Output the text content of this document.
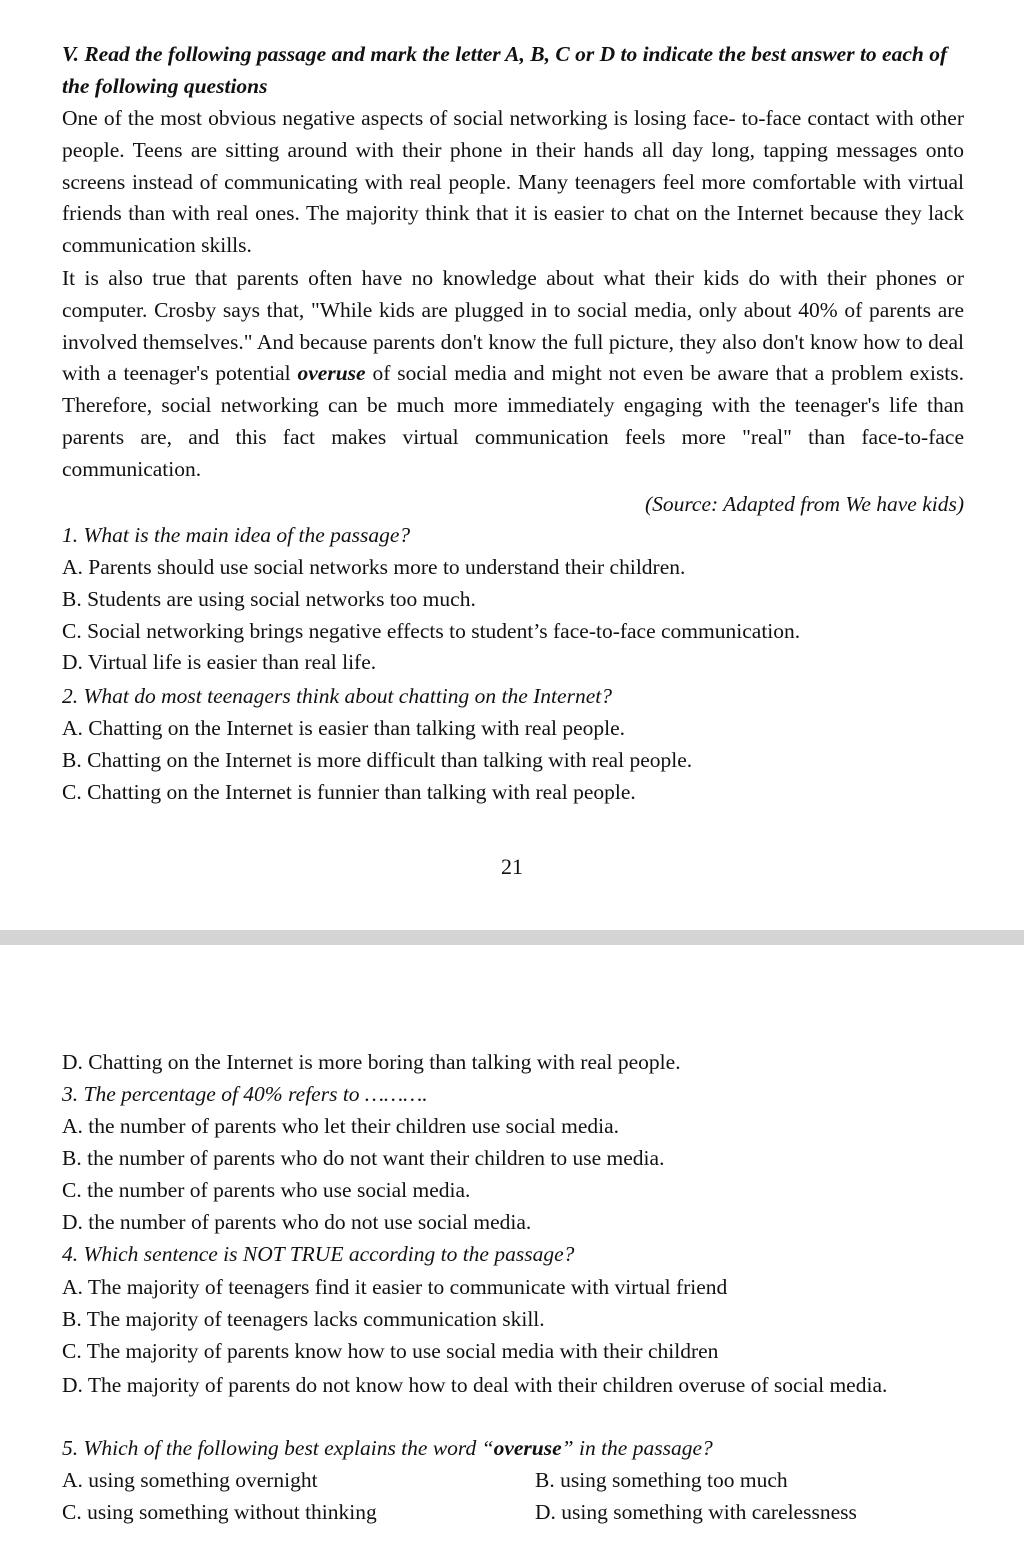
V. Read the following passage and mark the letter A, B, C or D to indicate the best answer to each of the following questions
One of the most obvious negative aspects of social networking is losing face- to-face contact with other people. Teens are sitting around with their phone in their hands all day long, tapping messages onto screens instead of communicating with real people. Many teenagers feel more comfortable with virtual friends than with real ones. The majority think that it is easier to chat on the Internet because they lack communication skills.
It is also true that parents often have no knowledge about what their kids do with their phones or computer. Crosby says that, "While kids are plugged in to social media, only about 40% of parents are involved themselves." And because parents don't know the full picture, they also don't know how to deal with a teenager's potential overuse of social media and might not even be aware that a problem exists. Therefore, social networking can be much more immediately engaging with the teenager's life than parents are, and this fact makes virtual communication feels more "real" than face-to-face communication.
(Source: Adapted from We have kids)
1. What is the main idea of the passage?
A. Parents should use social networks more to understand their children.
B. Students are using social networks too much.
C. Social networking brings negative effects to student’s face-to-face communication.
D. Virtual life is easier than real life.
2. What do most teenagers think about chatting on the Internet?
A. Chatting on the Internet is easier than talking with real people.
B. Chatting on the Internet is more difficult than talking with real people.
C. Chatting on the Internet is funnier than talking with real people.
21
D. Chatting on the Internet is more boring than talking with real people.
3. The percentage of 40% refers to ……….
A. the number of parents who let their children use social media.
B. the number of parents who do not want their children to use media.
C. the number of parents who use social media.
D. the number of parents who do not use social media.
4. Which sentence is NOT TRUE according to the passage?
A. The majority of teenagers find it easier to communicate with virtual friend
B. The majority of teenagers lacks communication skill.
C. The majority of parents know how to use social media with their children
D. The majority of parents do not know how to deal with their children overuse of social media.
5. Which of the following best explains the word “overuse” in the passage?
A. using something overnight	B. using something too much
C. using something without thinking	D. using something with carelessness
